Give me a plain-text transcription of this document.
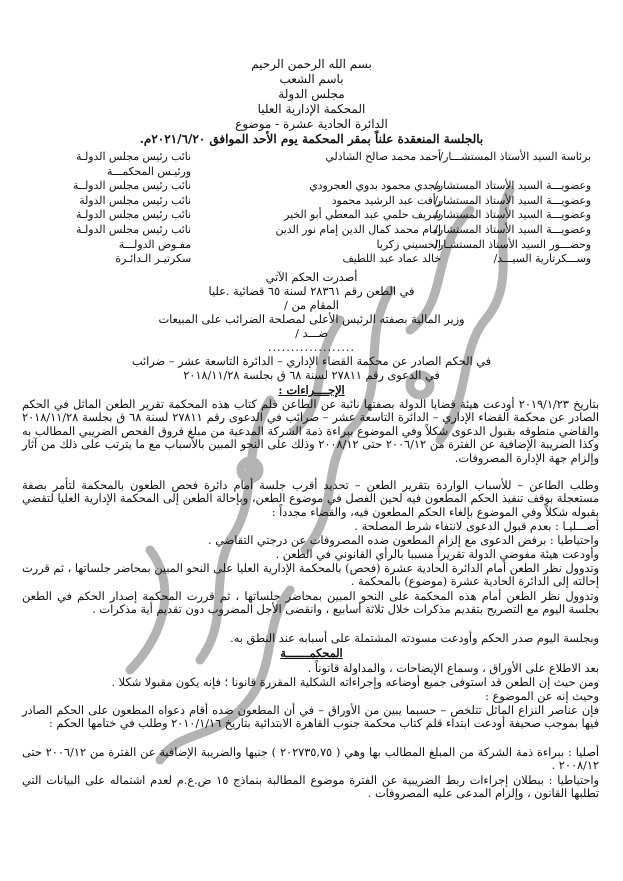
بسم الله الرحمن الرحيم
باسم الشعب
مجلس الدولة
المحكمة الإدارية العليا
الدائرة الحادية عشرة - موضوع
بالجلسة المنعقدة علناً بمقر المحكمة يوم الأحد الموافق ٢٠٢١/٦/٢٠م.
برئاسة السيد الأستاذ المستشـــار/
أحمد محمد صالح الشاذلي
نائب رئيس مجلس الدولـة
ورئيـس المحكمـــة
وعضويـــة السيد الأستاذ المستشار/
مجدي محمود بدوي العجرودي
نائب رئيس مجلس الدولــة
وعضويـــة السيد الأستاذ المستشار/
رأفت عبد الرشيد محمود
نائب رئيس مجلس الدولة
وعضويـــة السيد الأستاذ المستشار/
شريف حلمي عبد المعطي أبو الخير
نائب رئيس مجلس الدولـة
وعضويـــة السيد الأستاذ المستشار/
إمام محمد كمال الدين إمام نور الدين
نائب رئيس مجلس الدولـة
وحضـــور السيد الأستاذ المستشـار/
الحسيني زكريا
مفـوض الدولـــة
وســـكرتارية السيـــد/
خالد عماد عبد اللطيف
سكرتيـر الـدائـرة
أصدرت الحكم الآتي
في الطعن رقم ٢٨٣٦١ لسنة ٦٥ قضائية .عليا
المقام من /
وزير المالية بصفته الرئيس الأعلى لمصلحة الضرائب على المبيعات
ضـــد /
...................
في الحكم الصادر عن محكمة القضاء الإداري – الدائرة التاسعة عشر – ضرائب
في الدعوى رقم ٢٧٨١١ لسنة ٦٨ ق بجلسة ٢٠١٨/١١/٢٨
الإجــــراءات :
بتاريخ ٢٠١٩/١/٢٣ أودعت هيئة قضايا الدولة بصفتها نائبة عن الطاعن قلم كتاب هذه المحكمة تقرير الطعن الماثل في الحكم الصادر عن محكمة القضاء الإداري – الدائرة التاسعة عشر – ضرائب في الدعوى رقم ٢٧٨١١ لسنة ٦٨ ق بجلسة ٢٠١٨/١١/٢٨ والقاضي منطوقه بقبول الدعوى شكلاً وفي الموضوع ببراءة ذمة الشركة المدعية من مبلغ فروق الفحص الضريبي المطالب به وكذا الضريبة الإضافية عن الفترة من ٢٠٠٦/١٢ حتى ٢٠٠٨/١٢ وذلك على النحو المبين بالأسباب مع ما يترتب على ذلك من آثار وإلزام جهة الإدارة المصروفات.
وطلب الطاعن – للأسباب الواردة بتقرير الطعن – تحديد أقرب جلسة أمام دائرة فحص الطعون بالمحكمة لتأمر بصفة مستعجلة بوقف تنفيذ الحكم المطعون فيه لحين الفصل في موضوع الطعن، وبإحالة الطعن إلى المحكمة الإدارية العليا لتقضي بقبوله شكلاً وفي الموضوع بإلغاء الحكم المطعون فيه، والقضاء مجدداً :
أصـــليـا : بعدم قبول الدعوى لانتفاء شرط المصلحة .
واحتياطيا : برفض الدعوى مع إلزام المطعون ضده المصروفات عن درجتي التقاضي .
وأودعت هيئة مفوضي الدولة تقريراً مسببا بالرأي القانوني في الطعن .
وتدوول نظر الطعن أمام الدائرة الحادية عشرة (فحص) بالمحكمة الإدارية العليا على النحو المبين بمحاضر جلساتها ، ثم قررت إحالته إلى الدائرة الحادية عشرة (موضوع) بالمحكمة .
وتدوول نظر الطعن أمام هذه المحكمة على النحو المبين بمحاضر جلساتها ، ثم قررت المحكمة إصدار الحكم في الطعن بجلسة اليوم مع التصريح بتقديم مذكرات خلال ثلاثة أسابيع ، وانقضى الأجل المضروب دون تقديم أية مذكرات .
وبجلسة اليوم صدر الحكم وأودعت مسودته المشتملة على أسبابه عند النطق به.
المحكمـــــــة
بعد الاطلاع على الأوراق ، وسماع الإيضاحات ، والمداولة قانوناً .
ومن حيث إن الطعن قد استوفى جميع أوضاعه وإجراءاته الشكلية المقررة قانونا ؛ فإنه يكون مقبولا شكلا .
وحيث إنه عن الموضوع :
فإن عناصر النزاع الماثل تتلخص – حسبما يبين من الأوراق – في أن المطعون ضده أقام دعواه المطعون على الحكم الصادر فيها بموجب صحيفة أودعت ابتداء قلم كتاب محكمة جنوب القاهرة الابتدائية بتاريخ ٢٠١٠/١/١٦ وطلب في ختامها الحكم :
أصليا : ببراءة ذمة الشركة من المبلغ المطالب بها وهي ( ٢٠٢٧٣٥,٧٥ ) جنيها والضريبة الإضافية عن الفترة من ٢٠٠٦/١٢ حتى ٢٠٠٨/١٢ .
واحتياطيا : ببطلان إجراءات ربط الضريبية عن الفترة موضوع المطالبة بنماذج ١٥ ض.ع.م لعدم اشتماله على البيانات التي تطلبها القانون ، وإلزام المدعى عليه المصروفات .
